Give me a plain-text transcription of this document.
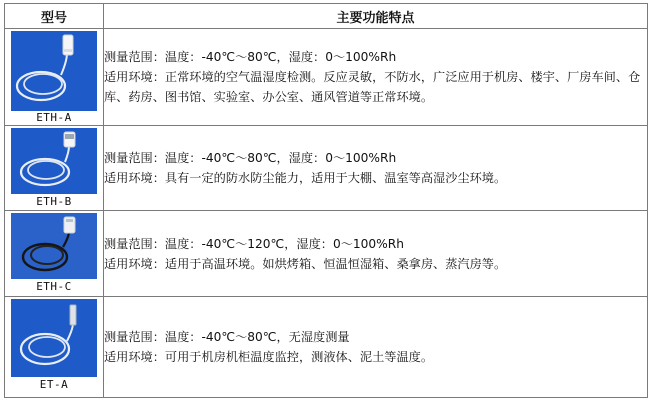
型号	主要功能特点

ETH-A	测量范围：温度：-40℃～80℃，湿度：0～100%Rh
适用环境：正常环境的空气温湿度检测。反应灵敏，不防水，广泛应用于机房、楼宇、厂房车间、仓库、药房、图书馆、实验室、办公室、通风管道等正常环境。

ETH-B	测量范围：温度：-40℃～80℃，湿度：0～100%Rh
适用环境：具有一定的防水防尘能力，适用于大棚、温室等高湿沙尘环境。

ETH-C	测量范围：温度：-40℃～120℃，湿度：0～100%Rh
适用环境：适用于高温环境。如烘烤箱、恒温恒湿箱、桑拿房、蒸汽房等。

ET-A	测量范围：温度：-40℃～80℃，无湿度测量
适用环境：可用于机房机柜温度监控，测液体、泥土等温度。
